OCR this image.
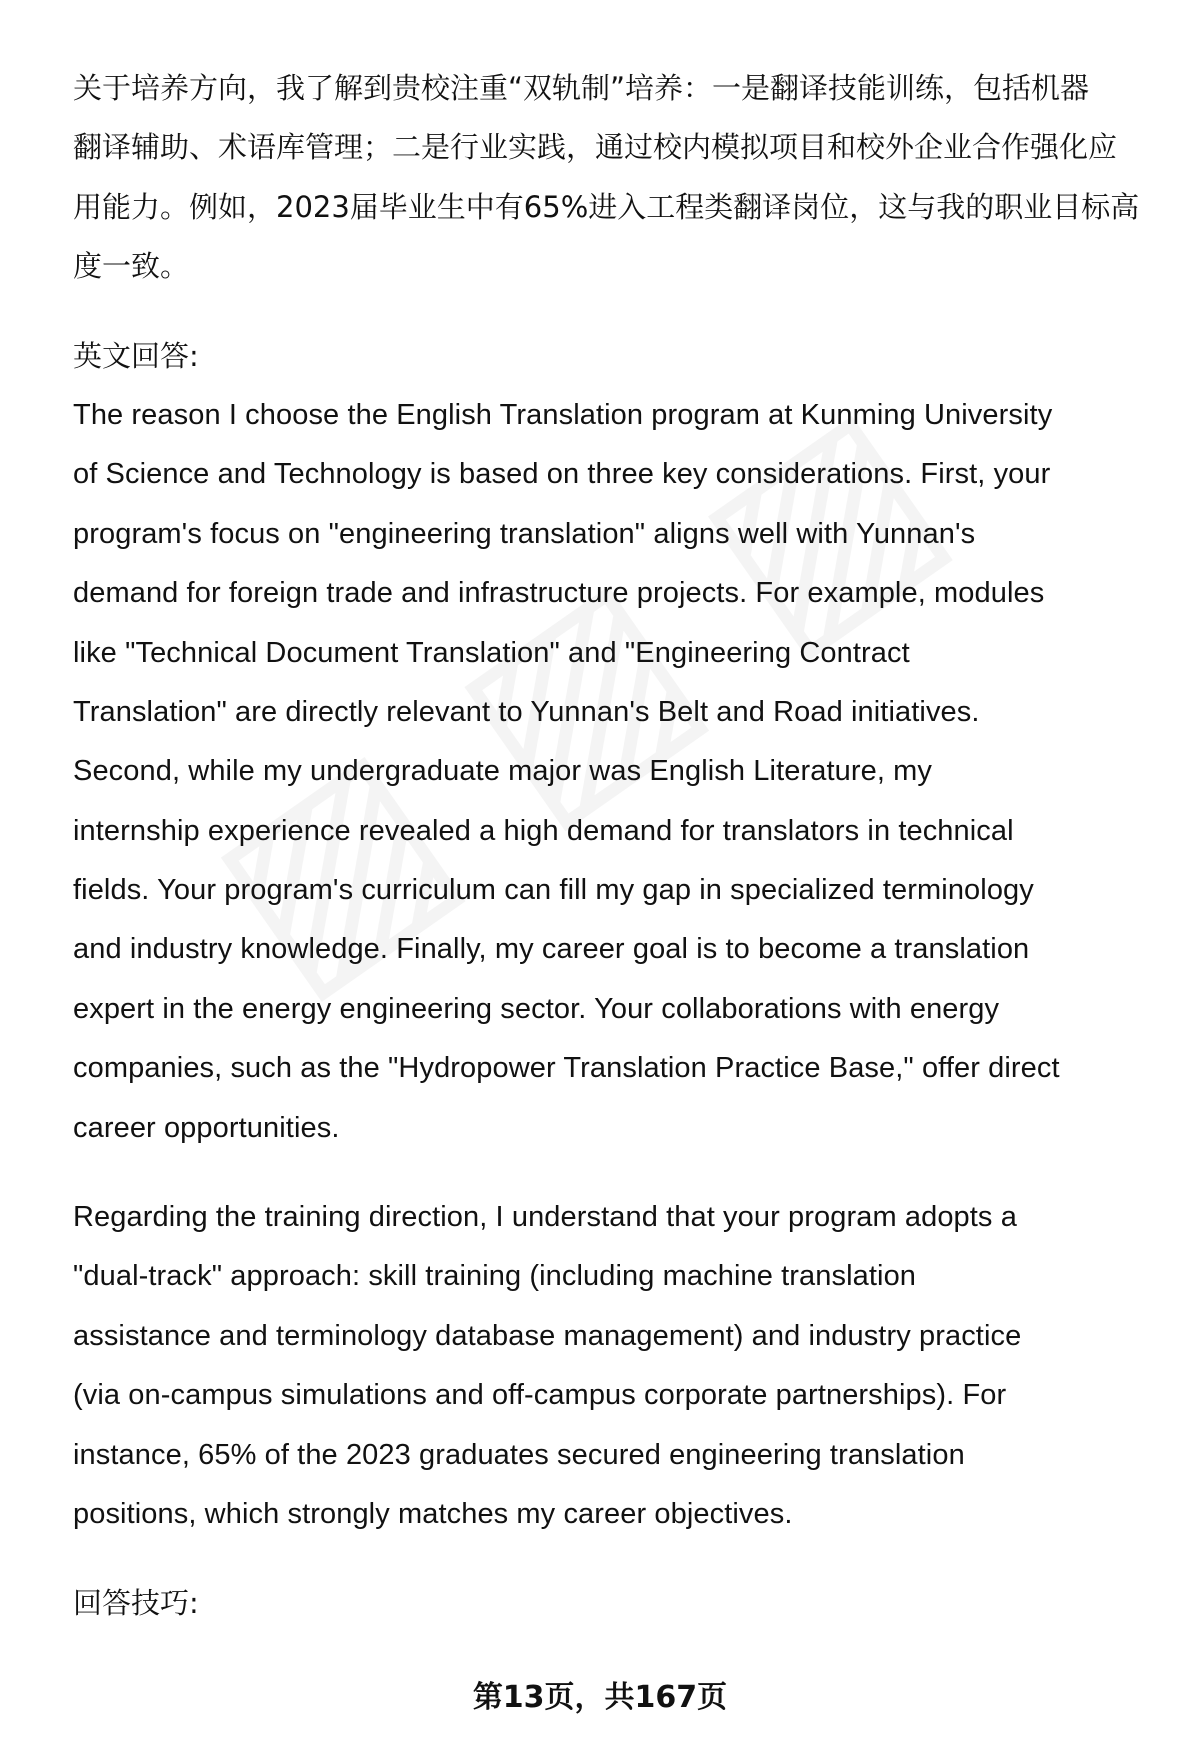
关于培养方向，我了解到贵校注重“双轨制”培养：一是翻译技能训练，包括机器
翻译辅助、术语库管理；二是行业实践，通过校内模拟项目和校外企业合作强化应
用能力。例如，2023届毕业生中有65%进入工程类翻译岗位，这与我的职业目标高
度一致。
英文回答:
The reason I choose the English Translation program at Kunming University
of Science and Technology is based on three key considerations. First, your
program's focus on "engineering translation" aligns well with Yunnan's
demand for foreign trade and infrastructure projects. For example, modules
like "Technical Document Translation" and "Engineering Contract
Translation" are directly relevant to Yunnan's Belt and Road initiatives.
Second, while my undergraduate major was English Literature, my
internship experience revealed a high demand for translators in technical
fields. Your program's curriculum can fill my gap in specialized terminology
and industry knowledge. Finally, my career goal is to become a translation
expert in the energy engineering sector. Your collaborations with energy
companies, such as the "Hydropower Translation Practice Base," offer direct
career opportunities.
Regarding the training direction, I understand that your program adopts a
"dual-track" approach: skill training (including machine translation
assistance and terminology database management) and industry practice
(via on-campus simulations and off-campus corporate partnerships). For
instance, 65% of the 2023 graduates secured engineering translation
positions, which strongly matches my career objectives.
回答技巧:
第13页，共167页
